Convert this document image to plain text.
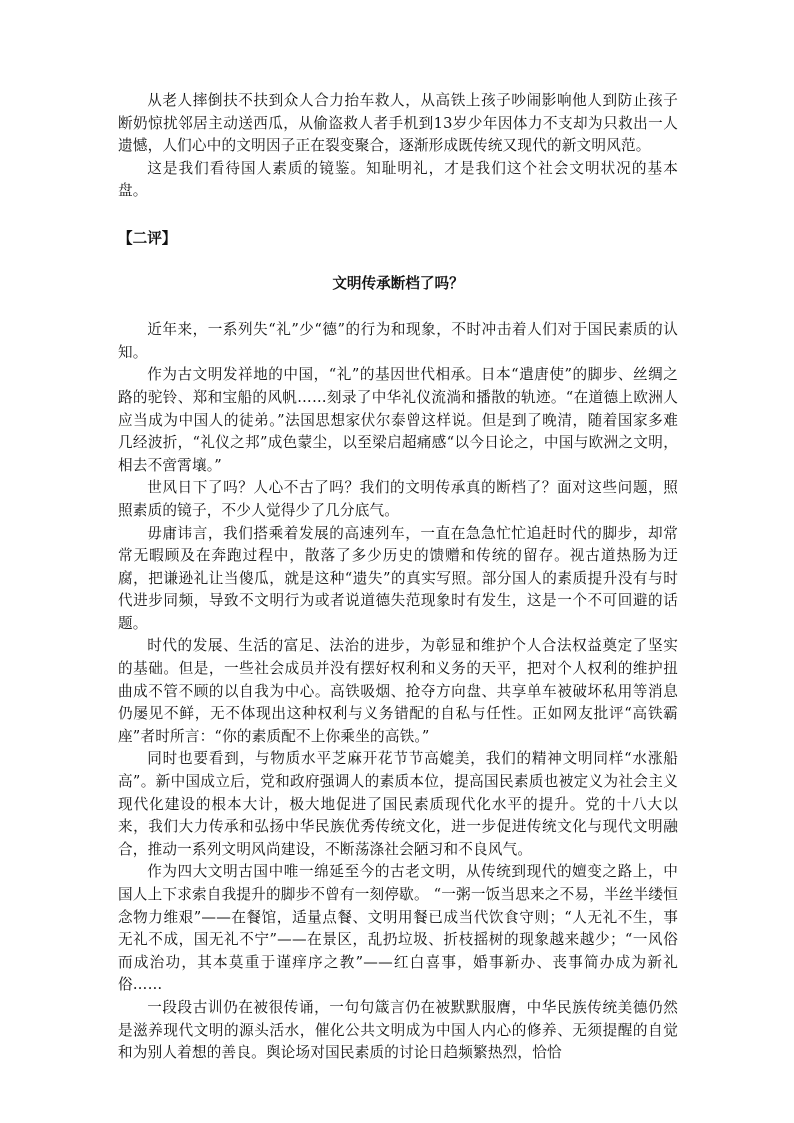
从老人摔倒扶不扶到众人合力抬车救人，从高铁上孩子吵闹影响他人到防止孩子断奶惊扰邻居主动送西瓜，从偷盗救人者手机到13岁少年因体力不支却为只救出一人遗憾，人们心中的文明因子正在裂变聚合，逐渐形成既传统又现代的新文明风范。

这是我们看待国人素质的镜鉴。知耻明礼，才是我们这个社会文明状况的基本盘。

【二评】
文明传承断档了吗？

近年来，一系列失“礼”少“德”的行为和现象，不时冲击着人们对于国民素质的认知。

作为古文明发祥地的中国，“礼”的基因世代相承。日本“遣唐使”的脚步、丝绸之路的驼铃、郑和宝船的风帆……刻录了中华礼仪流淌和播散的轨迹。“在道德上欧洲人应当成为中国人的徒弟。”法国思想家伏尔泰曾这样说。但是到了晚清，随着国家多难几经波折，“礼仪之邦”成色蒙尘，以至梁启超痛感“以今日论之，中国与欧洲之文明，相去不啻霄壤。”

世风日下了吗？人心不古了吗？我们的文明传承真的断档了？面对这些问题，照照素质的镜子，不少人觉得少了几分底气。

毋庸讳言，我们搭乘着发展的高速列车，一直在急急忙忙追赶时代的脚步，却常常无暇顾及在奔跑过程中，散落了多少历史的馈赠和传统的留存。视古道热肠为迂腐，把谦逊礼让当傻瓜，就是这种“遗失”的真实写照。部分国人的素质提升没有与时代进步同频，导致不文明行为或者说道德失范现象时有发生，这是一个不可回避的话题。

时代的发展、生活的富足、法治的进步，为彰显和维护个人合法权益奠定了坚实的基础。但是，一些社会成员并没有摆好权利和义务的天平，把对个人权利的维护扭曲成不管不顾的以自我为中心。高铁吸烟、抢夺方向盘、共享单车被破坏私用等消息仍屡见不鲜，无不体现出这种权利与义务错配的自私与任性。正如网友批评“高铁霸座”者时所言：“你的素质配不上你乘坐的高铁。”

同时也要看到，与物质水平芝麻开花节节高媲美，我们的精神文明同样“水涨船高”。新中国成立后，党和政府强调人的素质本位，提高国民素质也被定义为社会主义现代化建设的根本大计，极大地促进了国民素质现代化水平的提升。党的十八大以来，我们大力传承和弘扬中华民族优秀传统文化，进一步促进传统文化与现代文明融合，推动一系列文明风尚建设，不断荡涤社会陋习和不良风气。

作为四大文明古国中唯一绵延至今的古老文明，从传统到现代的嬗变之路上，中国人上下求索自我提升的脚步不曾有一刻停歇。 “一粥一饭当思来之不易，半丝半缕恒念物力维艰”——在餐馆，适量点餐、文明用餐已成当代饮食守则；“人无礼不生，事无礼不成，国无礼不宁”——在景区，乱扔垃圾、折枝摇树的现象越来越少；“一风俗而成治功，其本莫重于谨痒序之教”——红白喜事，婚事新办、丧事简办成为新礼俗……

一段段古训仍在被很传诵，一句句箴言仍在被默默服膺，中华民族传统美德仍然是滋养现代文明的源头活水，催化公共文明成为中国人内心的修养、无须提醒的自觉和为别人着想的善良。舆论场对国民素质的讨论日趋频繁热烈，恰恰
